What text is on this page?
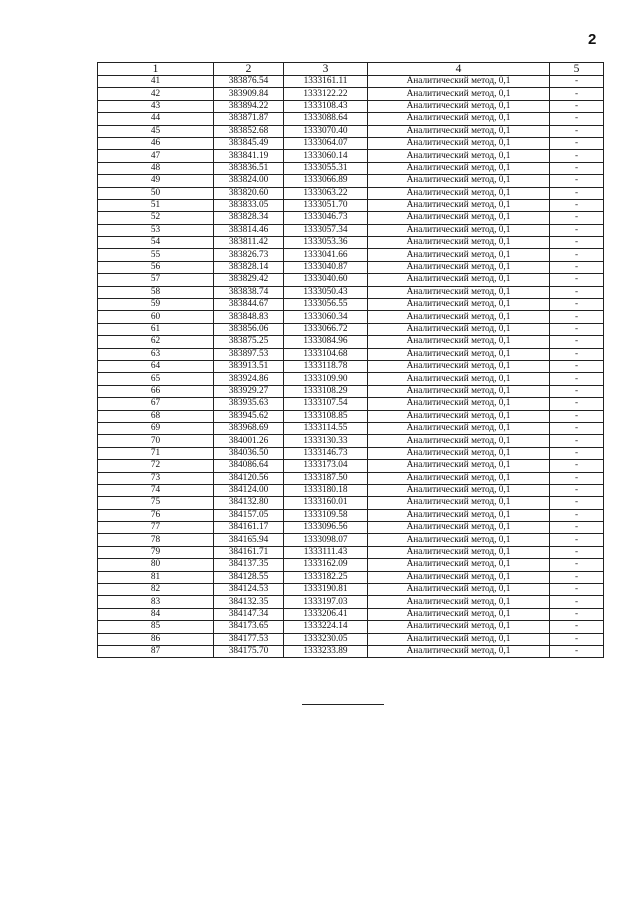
2
1	2	3	4	5
41	383876.54	1333161.11	Аналитический метод, 0,1	-
42	383909.84	1333122.22	Аналитический метод, 0,1	-
43	383894.22	1333108.43	Аналитический метод, 0,1	-
44	383871.87	1333088.64	Аналитический метод, 0,1	-
45	383852.68	1333070.40	Аналитический метод, 0,1	-
46	383845.49	1333064.07	Аналитический метод, 0,1	-
47	383841.19	1333060.14	Аналитический метод, 0,1	-
48	383836.51	1333055.31	Аналитический метод, 0,1	-
49	383824.00	1333066.89	Аналитический метод, 0,1	-
50	383820.60	1333063.22	Аналитический метод, 0,1	-
51	383833.05	1333051.70	Аналитический метод, 0,1	-
52	383828.34	1333046.73	Аналитический метод, 0,1	-
53	383814.46	1333057.34	Аналитический метод, 0,1	-
54	383811.42	1333053.36	Аналитический метод, 0,1	-
55	383826.73	1333041.66	Аналитический метод, 0,1	-
56	383828.14	1333040.87	Аналитический метод, 0,1	-
57	383829.42	1333040.60	Аналитический метод, 0,1	-
58	383838.74	1333050.43	Аналитический метод, 0,1	-
59	383844.67	1333056.55	Аналитический метод, 0,1	-
60	383848.83	1333060.34	Аналитический метод, 0,1	-
61	383856.06	1333066.72	Аналитический метод, 0,1	-
62	383875.25	1333084.96	Аналитический метод, 0,1	-
63	383897.53	1333104.68	Аналитический метод, 0,1	-
64	383913.51	1333118.78	Аналитический метод, 0,1	-
65	383924.86	1333109.90	Аналитический метод, 0,1	-
66	383929.27	1333108.29	Аналитический метод, 0,1	-
67	383935.63	1333107.54	Аналитический метод, 0,1	-
68	383945.62	1333108.85	Аналитический метод, 0,1	-
69	383968.69	1333114.55	Аналитический метод, 0,1	-
70	384001.26	1333130.33	Аналитический метод, 0,1	-
71	384036.50	1333146.73	Аналитический метод, 0,1	-
72	384086.64	1333173.04	Аналитический метод, 0,1	-
73	384120.56	1333187.50	Аналитический метод, 0,1	-
74	384124.00	1333180.18	Аналитический метод, 0,1	-
75	384132.80	1333160.01	Аналитический метод, 0,1	-
76	384157.05	1333109.58	Аналитический метод, 0,1	-
77	384161.17	1333096.56	Аналитический метод, 0,1	-
78	384165.94	1333098.07	Аналитический метод, 0,1	-
79	384161.71	1333111.43	Аналитический метод, 0,1	-
80	384137.35	1333162.09	Аналитический метод, 0,1	-
81	384128.55	1333182.25	Аналитический метод, 0,1	-
82	384124.53	1333190.81	Аналитический метод, 0,1	-
83	384132.35	1333197.03	Аналитический метод, 0,1	-
84	384147.34	1333206.41	Аналитический метод, 0,1	-
85	384173.65	1333224.14	Аналитический метод, 0,1	-
86	384177.53	1333230.05	Аналитический метод, 0,1	-
87	384175.70	1333233.89	Аналитический метод, 0,1	-
